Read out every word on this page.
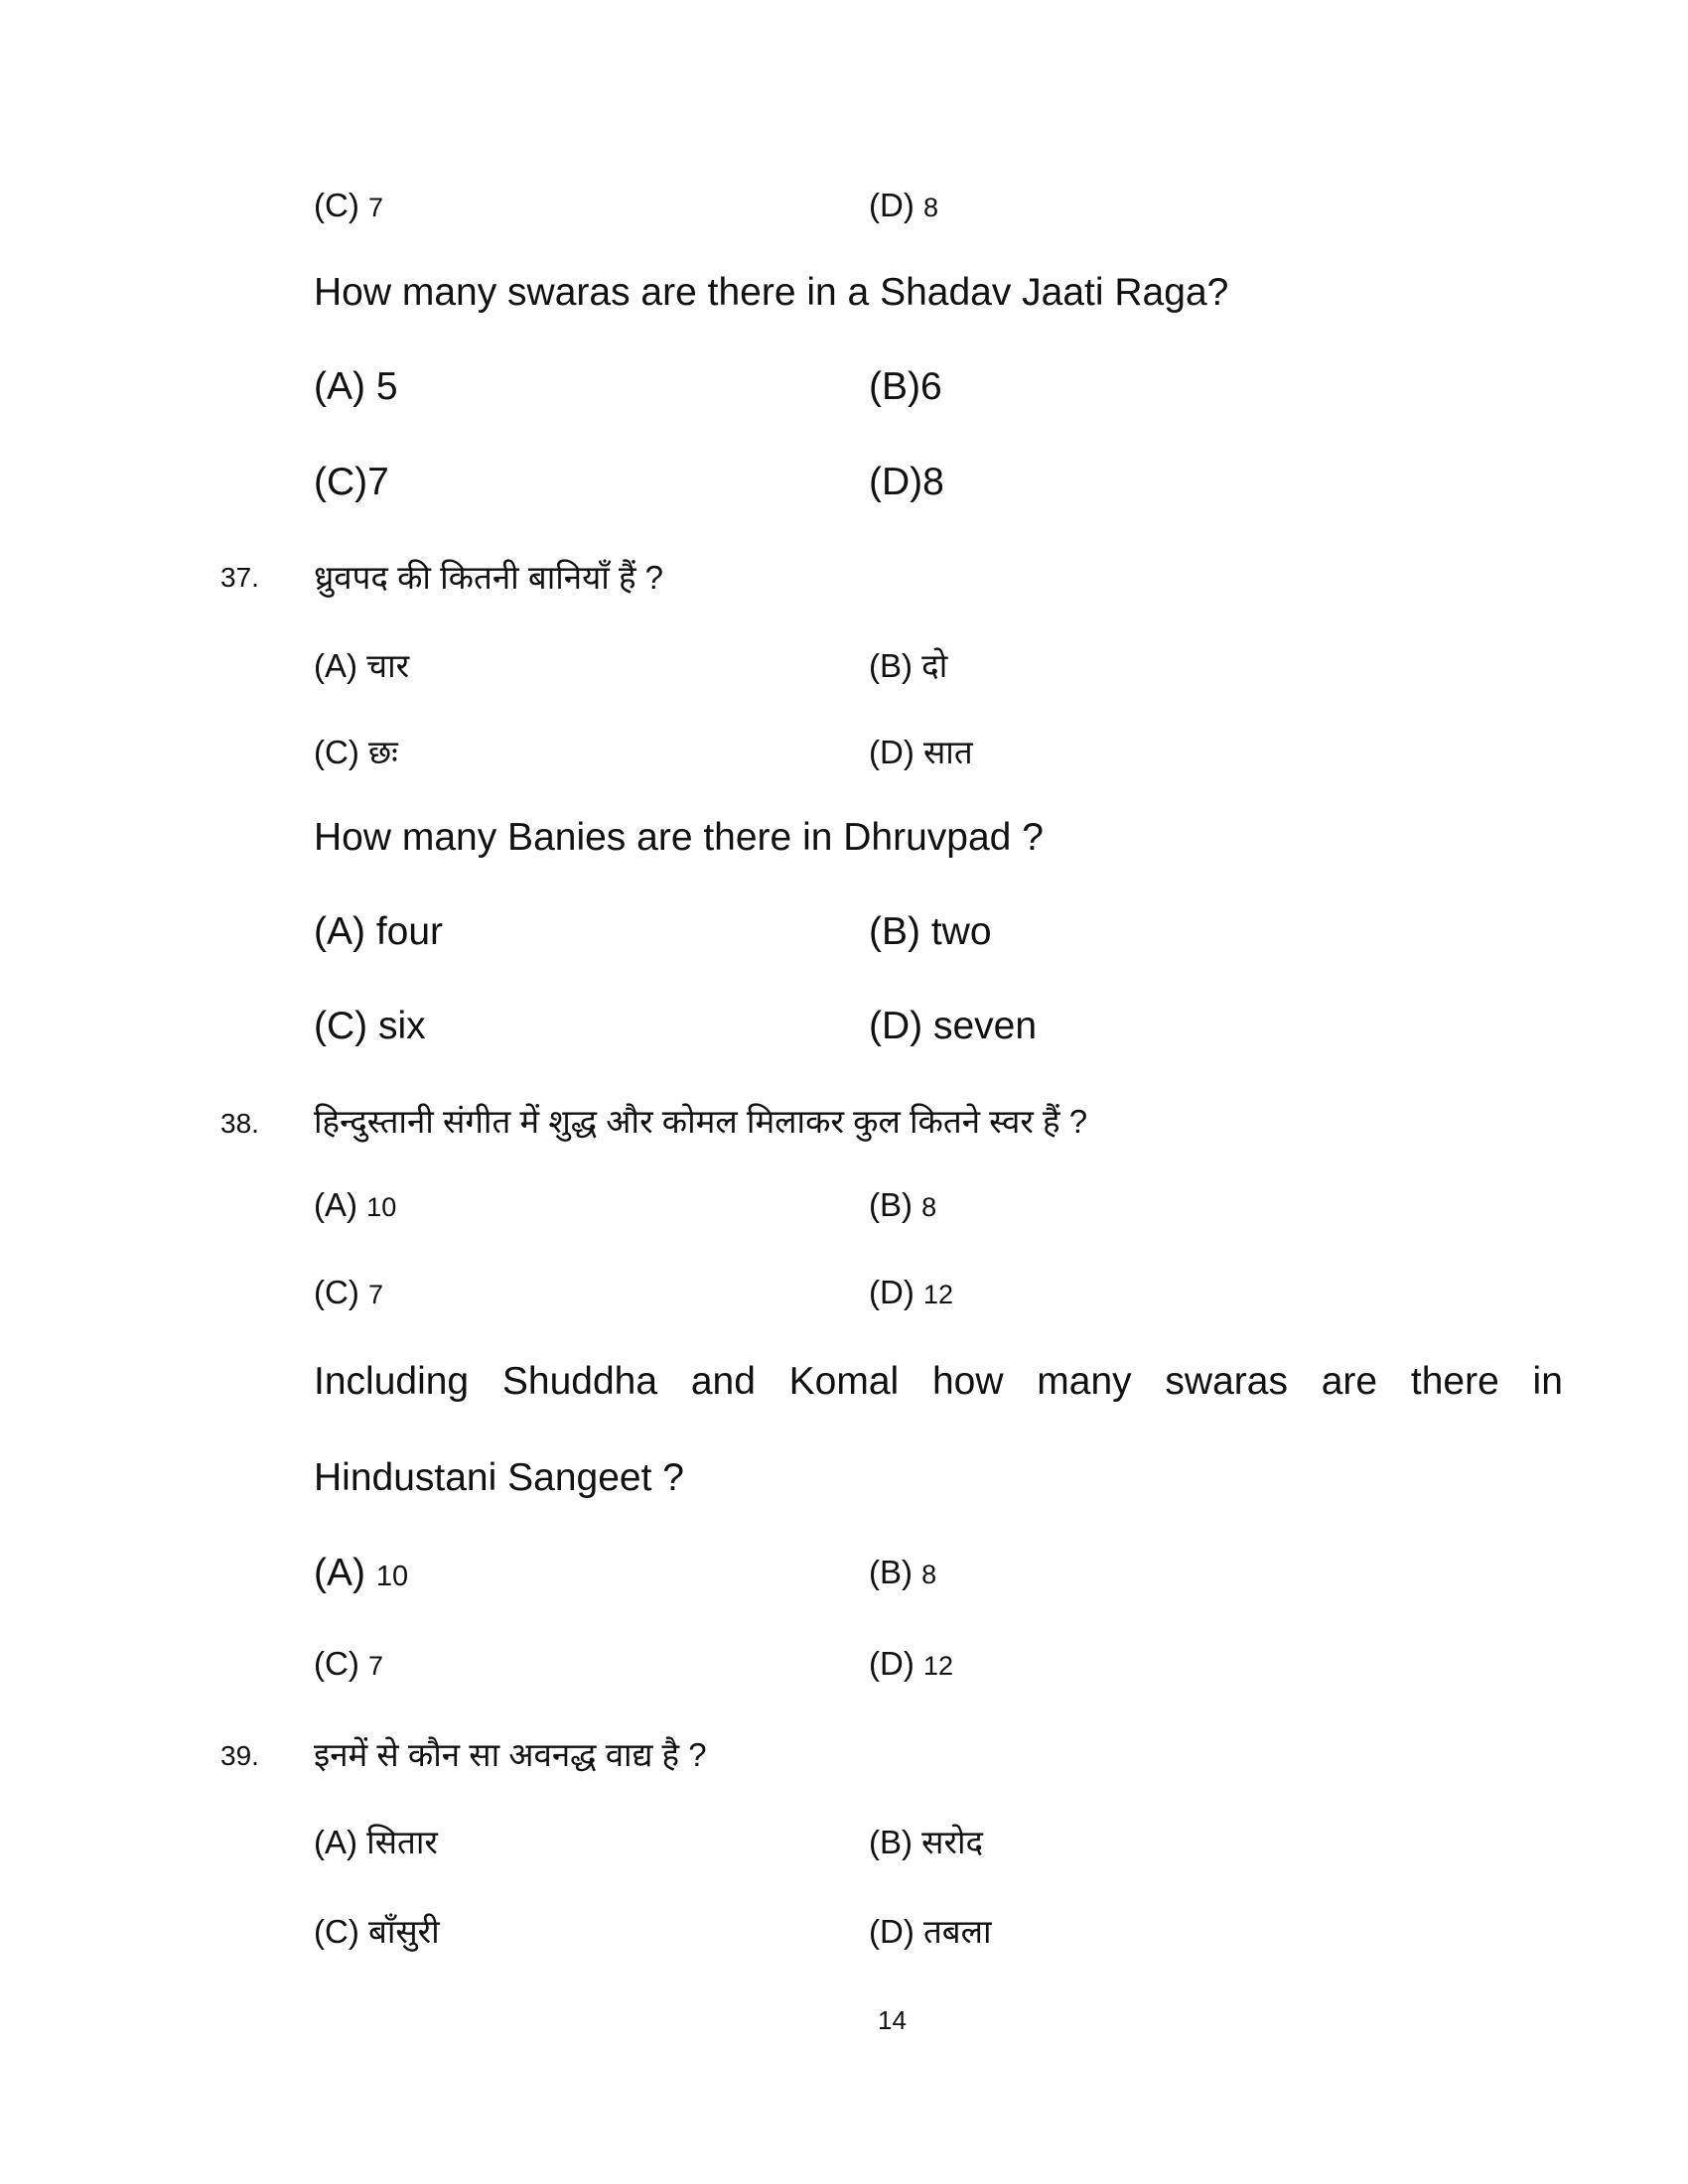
(C) 7	(D) 8
How many swaras are there in a Shadav Jaati Raga?
(A) 5	(B)6
(C)7	(D)8
37. ध्रुवपद की कितनी बानियाँ हैं ?
(A) चार	(B) दो
(C) छः	(D) सात
How many Banies are there in Dhruvpad ?
(A) four	(B) two
(C) six	(D) seven
38. हिन्दुस्तानी संगीत में शुद्ध और कोमल मिलाकर कुल कितने स्वर हैं ?
(A) 10	(B) 8
(C) 7	(D) 12
Including Shuddha and Komal how many swaras are there in
Hindustani Sangeet ?
(A) 10	(B) 8
(C) 7	(D) 12
39. इनमें से कौन सा अवनद्ध वाद्य है ?
(A) सितार	(B) सरोद
(C) बाँसुरी	(D) तबला
14
